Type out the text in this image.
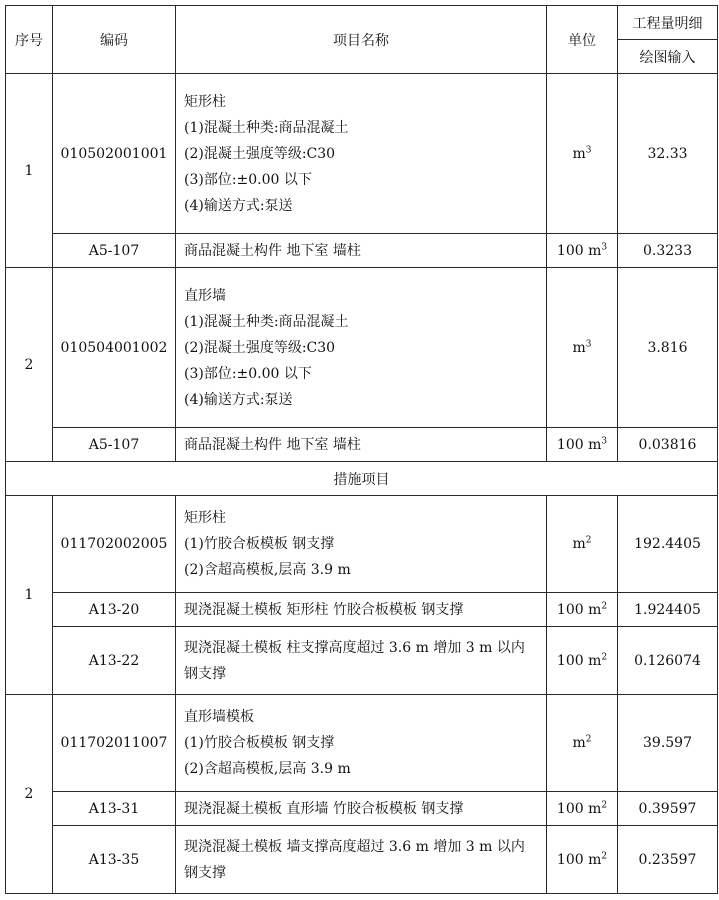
序号	编码	项目名称	单位	工程量明细
				绘图输入
1	010502001001	矩形柱
(1)混凝土种类:商品混凝土
(2)混凝土强度等级:C30
(3)部位:±0.00 以下
(4)输送方式:泵送	$m^3$	32.33
	A5-107	商品混凝土构件 地下室 墙柱	100 $m^3$	0.3233
2	010504001002	直形墙
(1)混凝土种类:商品混凝土
(2)混凝土强度等级:C30
(3)部位:±0.00 以下
(4)输送方式:泵送	$m^3$	3.816
	A5-107	商品混凝土构件 地下室 墙柱	100 $m^3$	0.03816
措施项目				
1	011702002005	矩形柱
(1)竹胶合板模板 钢支撑
(2)含超高模板,层高 3.9 m	$m^2$	192.4405
	A13-20	现浇混凝土模板 矩形柱 竹胶合板模板 钢支撑	100 $m^2$	1.924405
	A13-22	现浇混凝土模板 柱支撑高度超过 3.6 m 增加 3 m 以内 钢支撑	100 $m^2$	0.126074
2	011702011007	直形墙模板
(1)竹胶合板模板 钢支撑
(2)含超高模板,层高 3.9 m	$m^2$	39.597
	A13-31	现浇混凝土模板 直形墙 竹胶合板模板 钢支撑	100 $m^2$	0.39597
	A13-35	现浇混凝土模板 墙支撑高度超过 3.6 m 增加 3 m 以内 钢支撑	100 $m^2$	0.23597
